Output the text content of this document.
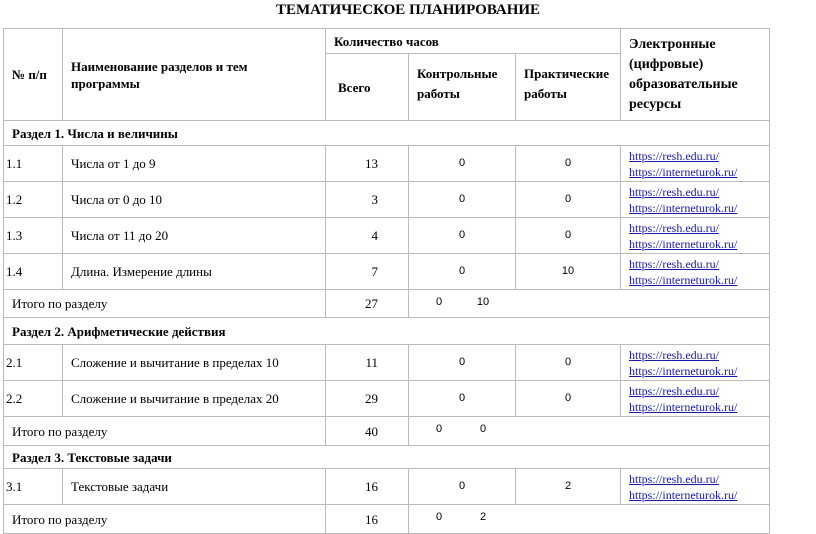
ТЕМАТИЧЕСКОЕ ПЛАНИРОВАНИЕ
№ п/п	Наименование разделов и тем программы	Количество часов			Электронные (цифровые) образовательные ресурсы
		Всего	Контрольные работы	Практические работы	
Раздел 1. Числа и величины					
1.1	Числа от 1 до 9	13	0	0	https://resh.edu.ru/
https://interneturok.ru/

1.2	Числа от 0 до 10	3	0	0	https://resh.edu.ru/
https://interneturok.ru/

1.3	Числа от 11 до 20	4	0	0	https://resh.edu.ru/
https://interneturok.ru/

1.4	Длина. Измерение длины	7	0	10	https://resh.edu.ru/
https://interneturok.ru/

Итого по разделу		27	0 10		
Раздел 2. Арифметические действия					
2.1	Сложение и вычитание в пределах 10	11	0	0	https://resh.edu.ru/
https://interneturok.ru/

2.2	Сложение и вычитание в пределах 20	29	0	0	https://resh.edu.ru/
https://interneturok.ru/

Итого по разделу		40	0 0		
Раздел 3. Текстовые задачи					
3.1	Текстовые задачи	16	0	2	https://resh.edu.ru/
https://interneturok.ru/

Итого по разделу		16	0 2		
